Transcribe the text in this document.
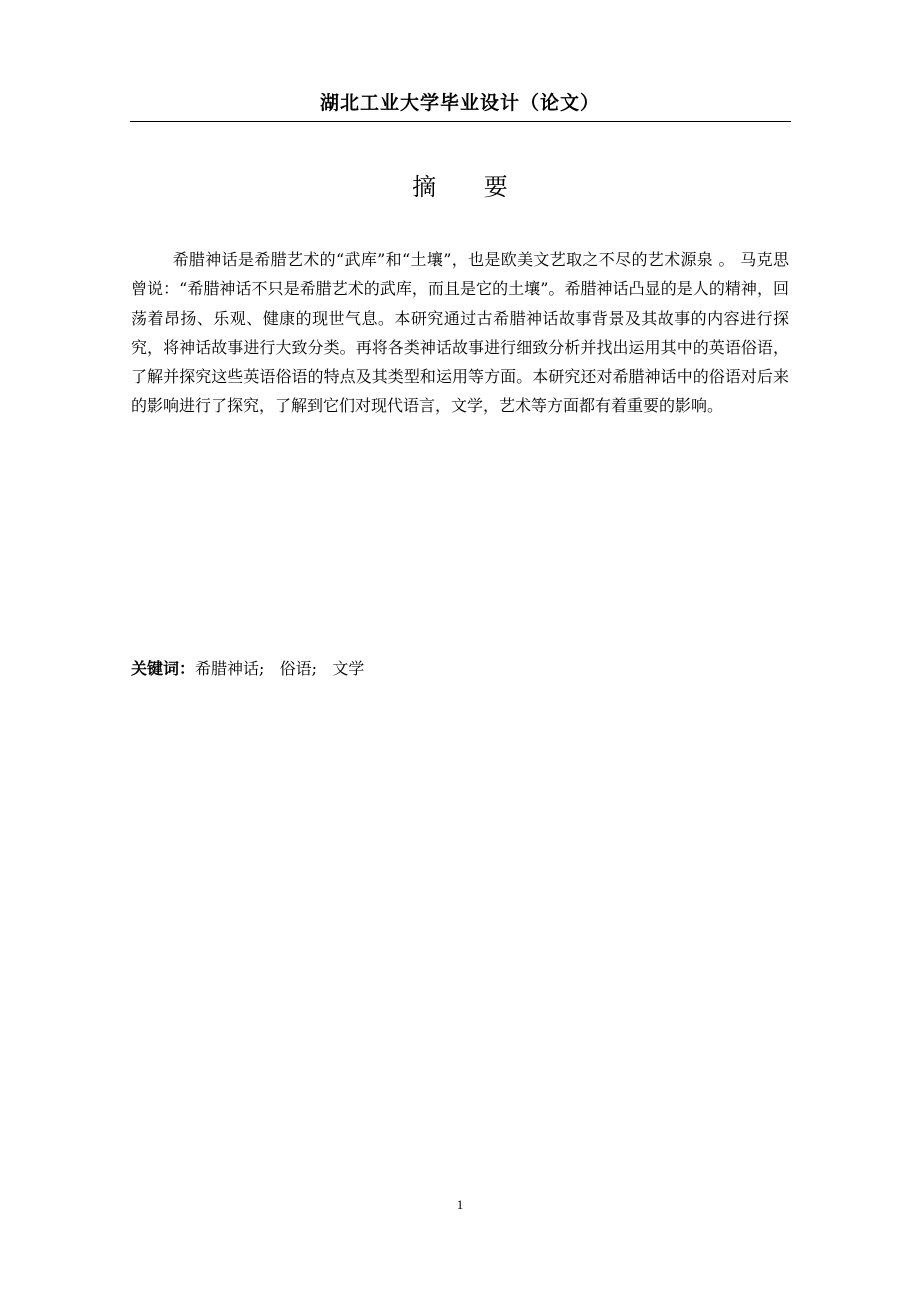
湖北工业大学毕业设计（论文）
摘 要

希腊神话是希腊艺术的“武库”和“土壤”，也是欧美文艺取之不尽的艺术源泉 。 马克思曾说：“希腊神话不只是希腊艺术的武库，而且是它的土壤”。希腊神话凸显的是人的精神，回荡着昂扬、乐观、健康的现世气息。本研究通过古希腊神话故事背景及其故事的内容进行探究，将神话故事进行大致分类。再将各类神话故事进行细致分析并找出运用其中的英语俗语，了解并探究这些英语俗语的特点及其类型和运用等方面。本研究还对希腊神话中的俗语对后来的影响进行了探究，了解到它们对现代语言，文学，艺术等方面都有着重要的影响。

关键词：希腊神话;   俗语;   文学
1
